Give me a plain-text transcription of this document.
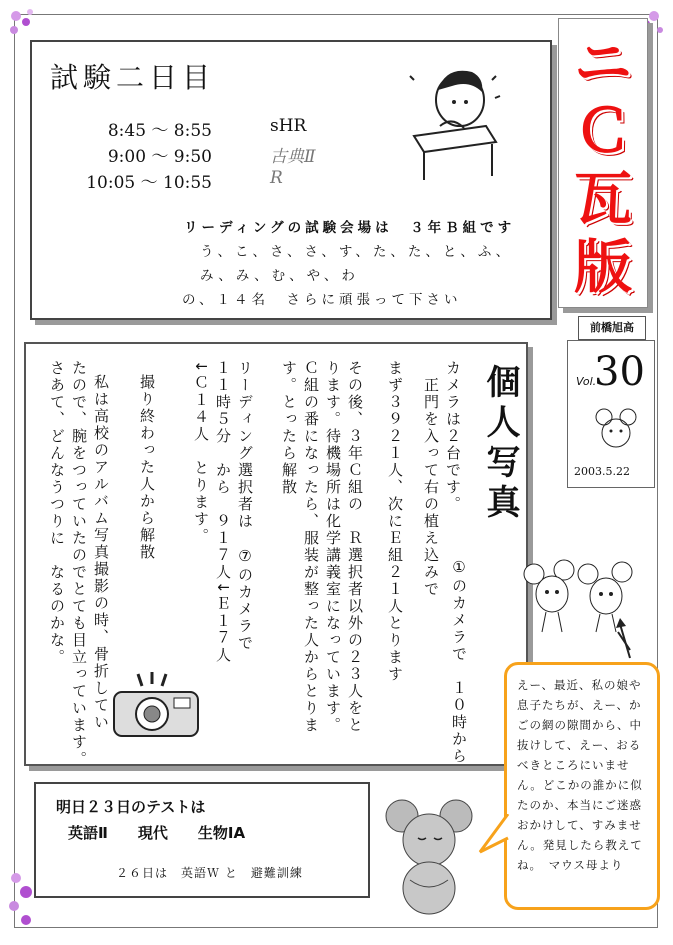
試験二日目
8:45 〜 8:55	sHR
9:00 〜 9:50	古典Ⅱ
10:05 〜 10:55	R
リーディングの試験会場は　３年Ｂ組です
う、こ、さ、さ、す、た、た、と、ふ、
み、み、む、や、わ
の、１４名　さらに頑張って下さい
ニ
Ｃ
瓦
版
前橋旭高
Vol.
30
2003.5.22
個人写真
カメラは２台です。
　正門を入って右の植え込みで
①のカメラで　１０時から
まず３９２１人、次にＥ組２１人とります
その後、３年Ｃ組の　Ｒ選択者以外の２３人をと
ります。待機場所は化学講義室になっています。
Ｃ組の番になったら、服装が整った人からとりま
す。とったら解散
リーディング選択者は　⑦のカメラで
１１時５分　から　９１７人↓Ｅ１７人
↓Ｃ１４人　とります。
撮り終わった人から解散
私は高校のアルバム写真撮影の時、骨折してい
たので、腕をつっていたのでとても目立っています。
さあて、どんなうつりに　なるのかな。
明日２３日のテストは
英語Ⅱ　　現代　　生物ⅠA
２６日は　英語Ｗ と　避難訓練
えー、最近、私の娘や息子たちが、えー、かごの網の隙間から、中抜けして、えー、おるべきところにいません。どこかの誰かに似たのか、本当にご迷惑おかけして、すみません。発見したら教えてね。　マウス母より
